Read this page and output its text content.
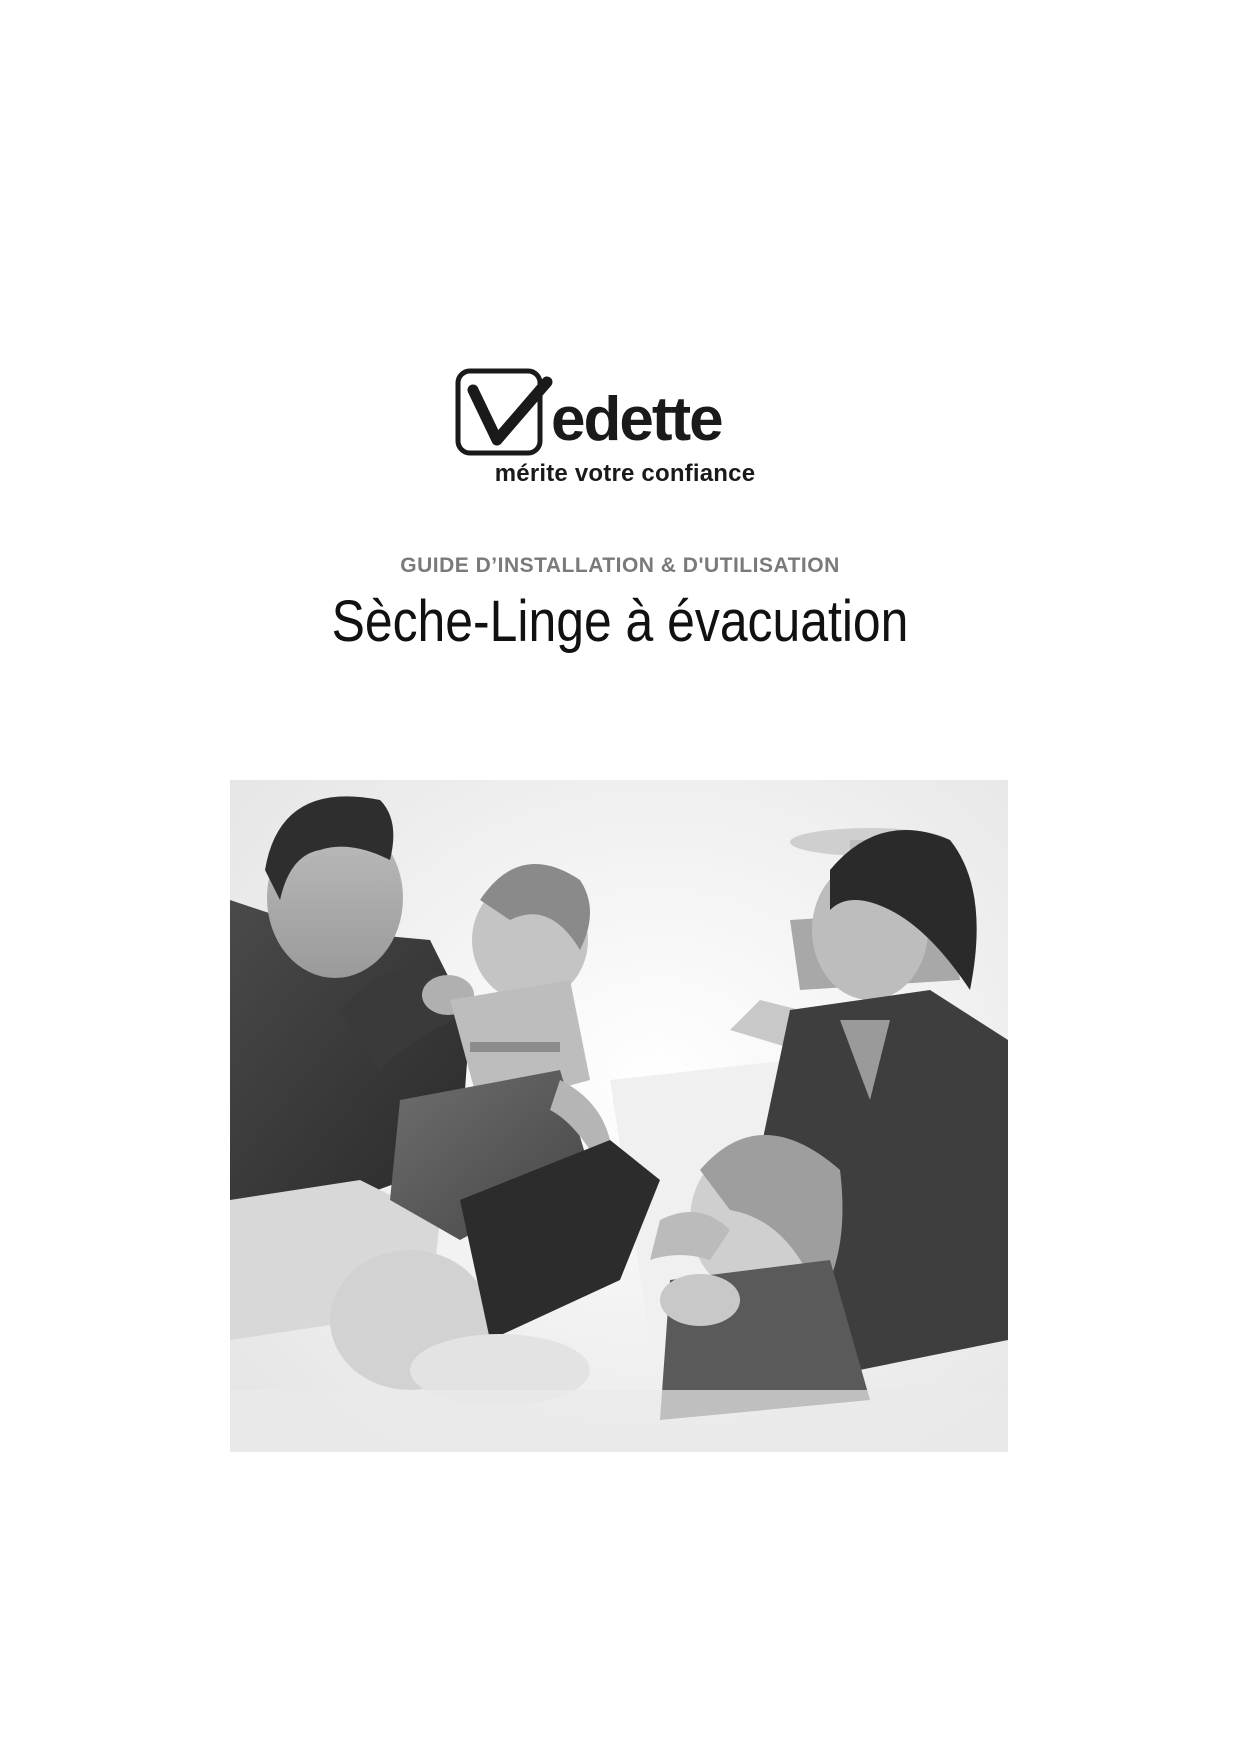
edette
mérite votre confiance
GUIDE D’INSTALLATION & D'UTILISATION
Sèche-Linge à évacuation
